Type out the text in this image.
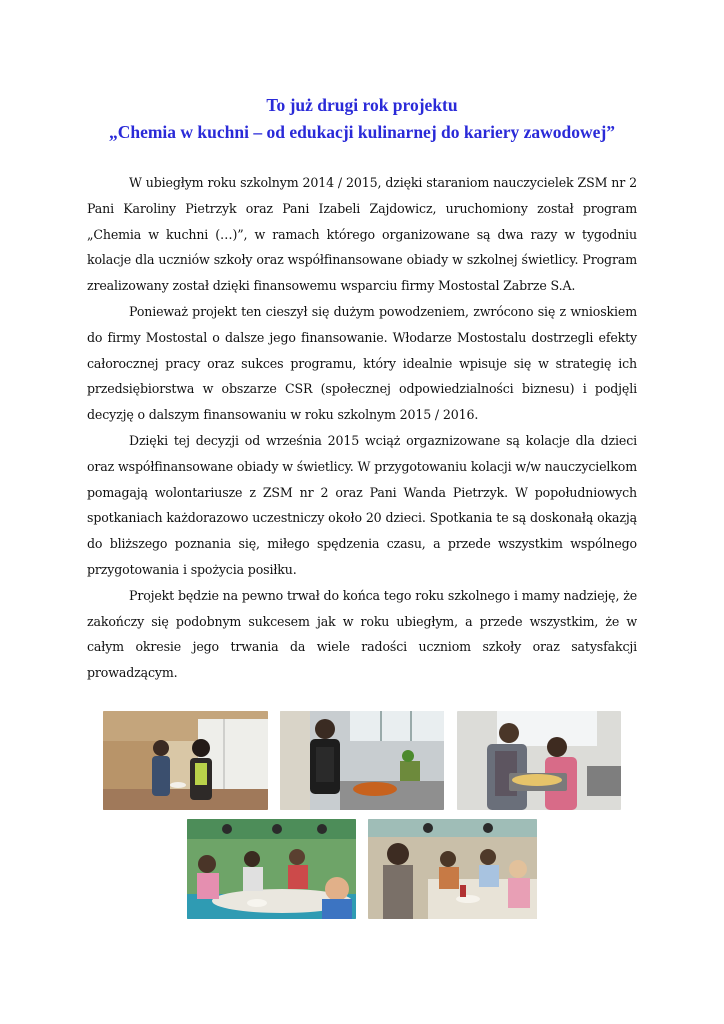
To już drugi rok projektu
„Chemia w kuchni – od edukacji kulinarnej do kariery zawodowej”

W ubiegłym roku szkolnym 2014 / 2015, dzięki staraniom nauczycielek ZSM nr 2 Pani Karoliny Pietrzyk oraz Pani Izabeli Zajdowicz, uruchomiony został program „Chemia w kuchni (…)”, w ramach którego organizowane są dwa razy w tygodniu kolacje dla uczniów szkoły oraz współfinansowane obiady w szkolnej świetlicy. Program zrealizowany został dzięki finansowemu wsparciu firmy Mostostal Zabrze S.A.

Ponieważ projekt ten cieszył się dużym powodzeniem, zwrócono się z wnioskiem do firmy Mostostal o dalsze jego finansowanie. Włodarze Mostostalu dostrzegli efekty całorocznej pracy oraz sukces programu, który idealnie wpisuje się w strategię ich przedsiębiorstwa w obszarze CSR (społecznej odpowiedzialności biznesu) i podjęli decyzję o dalszym finansowaniu w roku szkolnym 2015 / 2016.

Dzięki tej decyzji od września 2015 wciąż orgaznizowane są kolacje dla dzieci oraz współfinansowane obiady w świetlicy. W przygotowaniu kolacji w/w nauczycielkom pomagają wolontariusze z ZSM nr 2 oraz Pani Wanda Pietrzyk. W popołudniowych spotkaniach każdorazowo uczestniczy około 20 dzieci. Spotkania te są doskonałą okazją do bliższego poznania się, miłego spędzenia czasu, a przede wszystkim wspólnego przygotowania i spożycia posiłku.

Projekt będzie na pewno trwał do końca tego roku szkolnego i mamy nadzieję, że zakończy się podobnym sukcesem jak w roku ubiegłym, a przede wszystkim, że w całym okresie jego trwania da wiele radości uczniom szkoły oraz satysfakcji prowadzącym.
